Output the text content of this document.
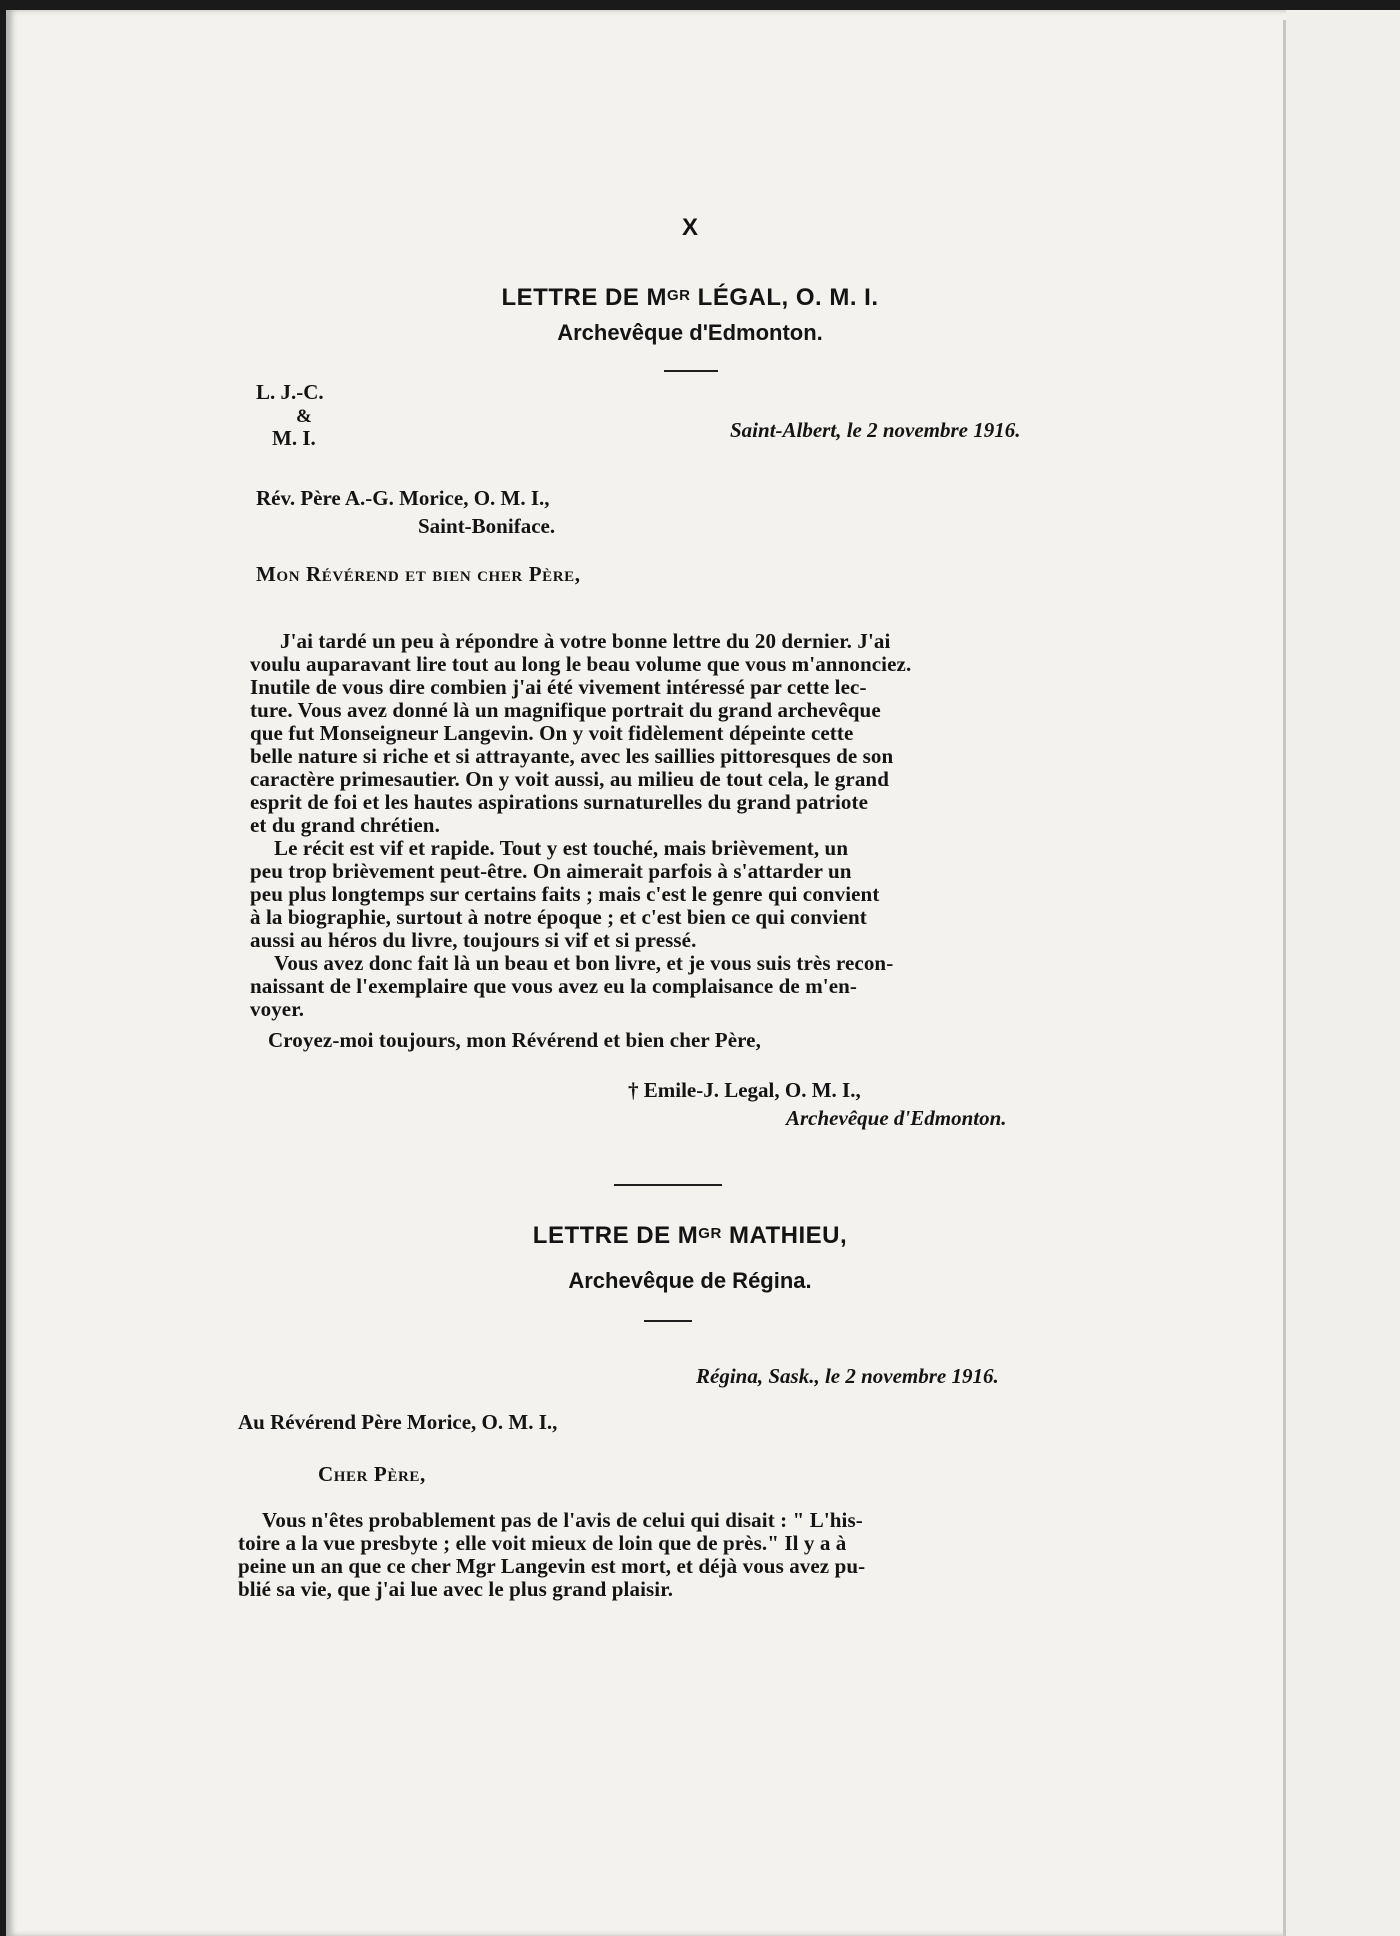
X
LETTRE DE $M^{GR}$ LÉGAL, O. M. I.
Archevêque d'Edmonton.
L. J.-C.
&
M. I.	Saint-Albert, le 2 novembre 1916.
Rév. Père A.-G. Morice, O. M. I.,
Saint-Boniface.
Mon Révérend et bien cher Père,
J'ai tardé un peu à répondre à votre bonne lettre du 20 dernier. J'ai
voulu auparavant lire tout au long le beau volume que vous m'annonciez.
Inutile de vous dire combien j'ai été vivement intéressé par cette lec-
ture. Vous avez donné là un magnifique portrait du grand archevêque
que fut Monseigneur Langevin. On y voit fidèlement dépeinte cette
belle nature si riche et si attrayante, avec les saillies pittoresques de son
caractère primesautier. On y voit aussi, au milieu de tout cela, le grand
esprit de foi et les hautes aspirations surnaturelles du grand patriote
et du grand chrétien.
Le récit est vif et rapide. Tout y est touché, mais brièvement, un
peu trop brièvement peut-être. On aimerait parfois à s'attarder un
peu plus longtemps sur certains faits ; mais c'est le genre qui convient
à la biographie, surtout à notre époque ; et c'est bien ce qui convient
aussi au héros du livre, toujours si vif et si pressé.
Vous avez donc fait là un beau et bon livre, et je vous suis très recon-
naissant de l'exemplaire que vous avez eu la complaisance de m'en-
voyer.
Croyez-moi toujours, mon Révérend et bien cher Père,
† Emile-J. Legal, O. M. I.,
Archevêque d'Edmonton.
LETTRE DE $M^{GR}$ MATHIEU,
Archevêque de Régina.
Régina, Sask., le 2 novembre 1916.
Au Révérend Père Morice, O. M. I.,
Cher Père,
Vous n'êtes probablement pas de l'avis de celui qui disait : " L'his-
toire a la vue presbyte ; elle voit mieux de loin que de près." Il y a à
peine un an que ce cher Mgr Langevin est mort, et déjà vous avez pu-
blié sa vie, que j'ai lue avec le plus grand plaisir.
